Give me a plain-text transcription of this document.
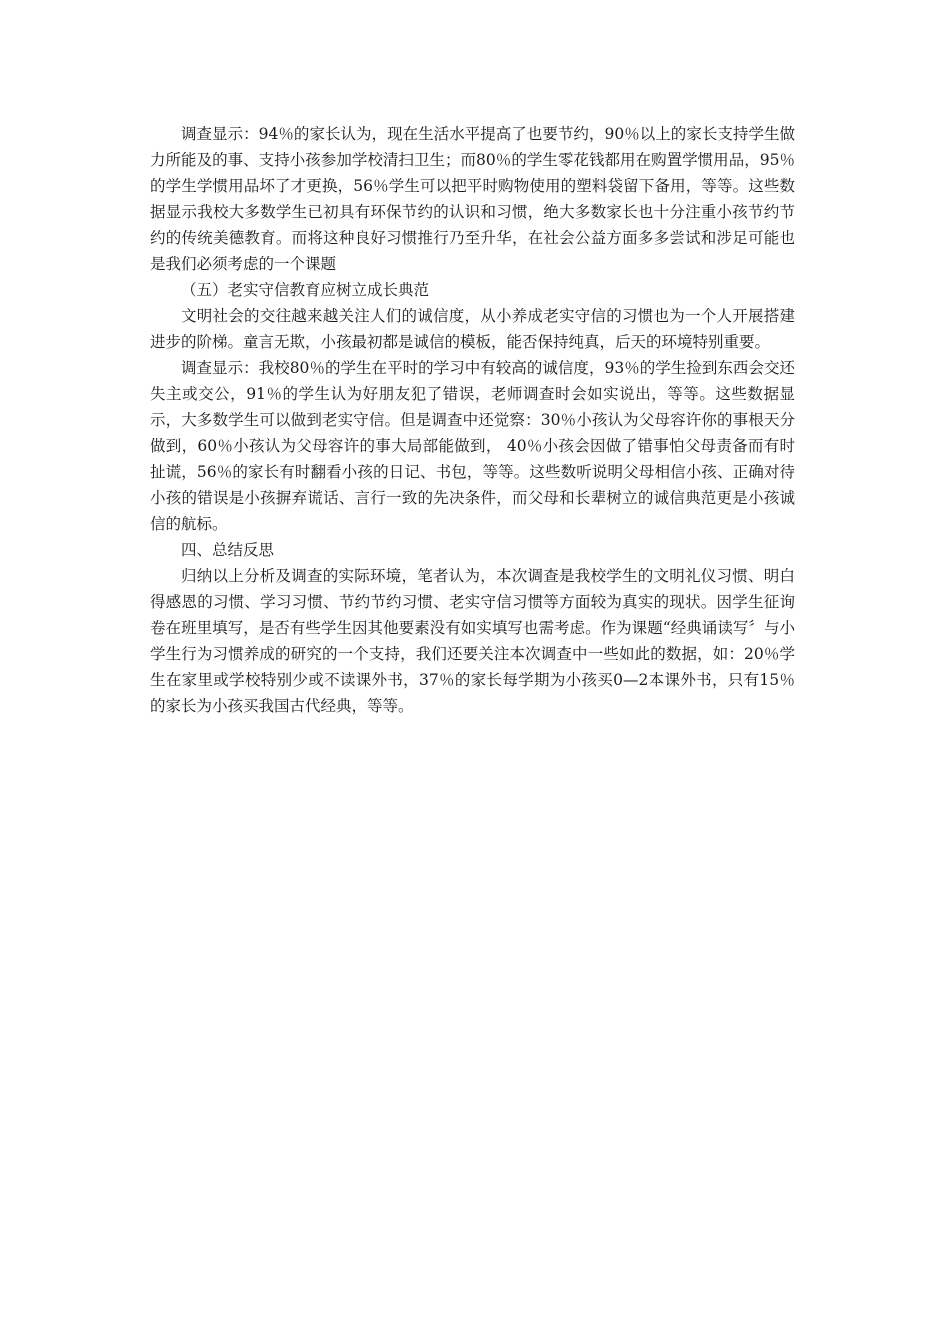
调查显示：94％的家长认为，现在生活水平提高了也要节约，90％以上的家长支持学生做力所能及的事、支持小孩参加学校清扫卫生；而80％的学生零花钱都用在购置学惯用品，95％的学生学惯用品坏了才更换，56％学生可以把平时购物使用的塑料袋留下备用，等等。这些数据显示我校大多数学生已初具有环保节约的认识和习惯，绝大多数家长也十分注重小孩节约节约的传统美德教育。而将这种良好习惯推行乃至升华，在社会公益方面多多尝试和涉足可能也是我们必须考虑的一个课题

（五）老实守信教育应树立成长典范

文明社会的交往越来越关注人们的诚信度，从小养成老实守信的习惯也为一个人开展搭建进步的阶梯。童言无欺，小孩最初都是诚信的模板，能否保持纯真，后天的环境特别重要。

调查显示：我校80％的学生在平时的学习中有较高的诚信度，93％的学生捡到东西会交还失主或交公，91％的学生认为好朋友犯了错误，老师调查时会如实说出，等等。这些数据显示，大多数学生可以做到老实守信。但是调查中还觉察：30％小孩认为父母容许你的事根天分做到，60％小孩认为父母容许的事大局部能做到， 40％小孩会因做了错事怕父母责备而有时扯谎，56％的家长有时翻看小孩的日记、书包，等等。这些数听说明父母相信小孩、正确对待小孩的错误是小孩摒弃谎话、言行一致的先决条件，而父母和长辈树立的诚信典范更是小孩诚信的航标。

四、总结反思

归纳以上分析及调查的实际环境，笔者认为，本次调查是我校学生的文明礼仪习惯、明白得感恩的习惯、学习习惯、节约节约习惯、老实守信习惯等方面较为真实的现状。因学生征询卷在班里填写，是否有些学生因其他要素没有如实填写也需考虑。作为课题“经典诵读写〞与小学生行为习惯养成的研究的一个支持，我们还要关注本次调查中一些如此的数据，如：20％学生在家里或学校特别少或不读课外书，37％的家长每学期为小孩买0—2本课外书，只有15％的家长为小孩买我国古代经典，等等。
